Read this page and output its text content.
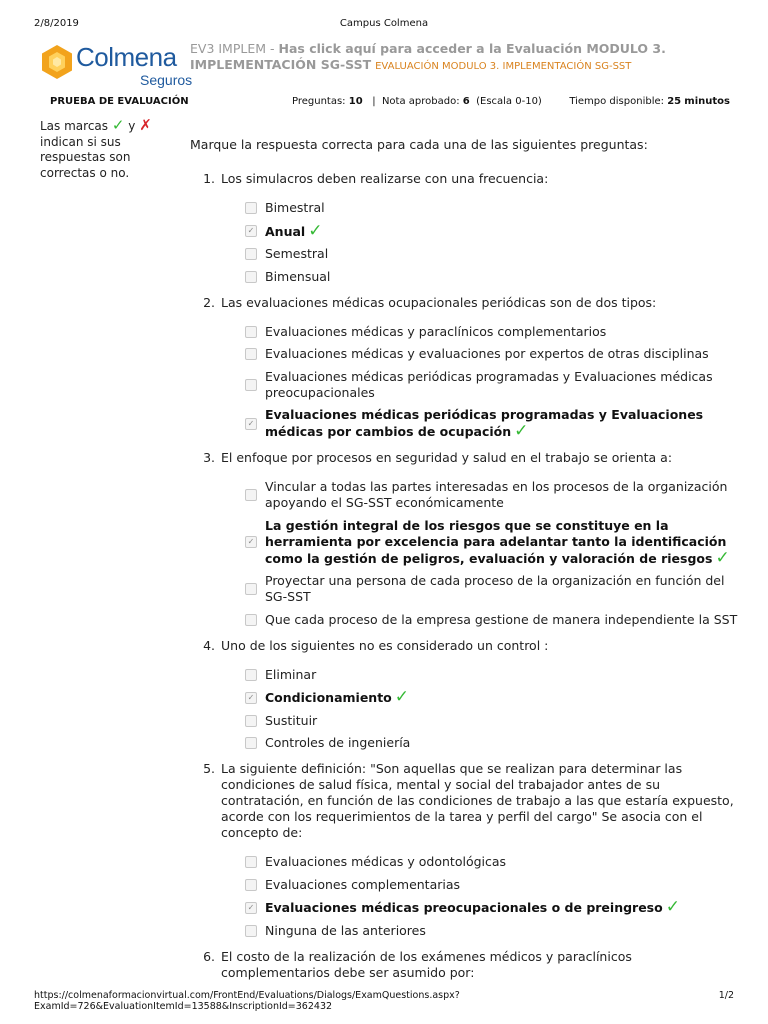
2/8/2019	Campus Colmena
Colmena
Seguros
EV3 IMPLEM - Has click aquí para acceder a la Evaluación MODULO 3. IMPLEMENTACIÓN SG-SST EVALUACIÓN MODULO 3. IMPLEMENTACIÓN SG-SST
PRUEBA DE EVALUACIÓN	Preguntas: 10 | Nota aprobado: 6 (Escala 0-10)	Tiempo disponible: 25 minutos
Las marcas ✓ y ✗ indican si sus respuestas son correctas o no.
Marque la respuesta correcta para cada una de las siguientes preguntas:
1. Los simulacros deben realizarse con una frecuencia:
Bimestral
✓ Anual ✓
Semestral
Bimensual
2. Las evaluaciones médicas ocupacionales periódicas son de dos tipos:
Evaluaciones médicas y paraclínicos complementarios
Evaluaciones médicas y evaluaciones por expertos de otras disciplinas
Evaluaciones médicas periódicas programadas y Evaluaciones médicas preocupacionales
✓
Evaluaciones médicas periódicas programadas y Evaluaciones médicas por cambios de ocupación ✓
3. El enfoque por procesos en seguridad y salud en el trabajo se orienta a:
Vincular a todas las partes interesadas en los procesos de la organización apoyando el SG-SST económicamente
✓
La gestión integral de los riesgos que se constituye en la herramienta por excelencia para adelantar tanto la identificación como la gestión de peligros, evaluación y valoración de riesgos ✓
Proyectar una persona de cada proceso de la organización en función del SG-SST
Que cada proceso de la empresa gestione de manera independiente la SST
4. Uno de los siguientes no es considerado un control :
Eliminar
✓ Condicionamiento ✓
Sustituir
Controles de ingeniería
5. La siguiente definición: "Son aquellas que se realizan para determinar las condiciones de salud física, mental y social del trabajador antes de su contratación, en función de las condiciones de trabajo a las que estaría expuesto, acorde con los requerimientos de la tarea y perfil del cargo" Se asocia con el concepto de:
Evaluaciones médicas y odontológicas
Evaluaciones complementarias
✓ Evaluaciones médicas preocupacionales o de preingreso ✓
Ninguna de las anteriores
6. El costo de la realización de los exámenes médicos y paraclínicos complementarios debe ser asumido por:
https://colmenaformacionvirtual.com/FrontEnd/Evaluations/Dialogs/ExamQuestions.aspx?ExamId=726&EvaluationItemId=13588&InscriptionId=362432
1/2
